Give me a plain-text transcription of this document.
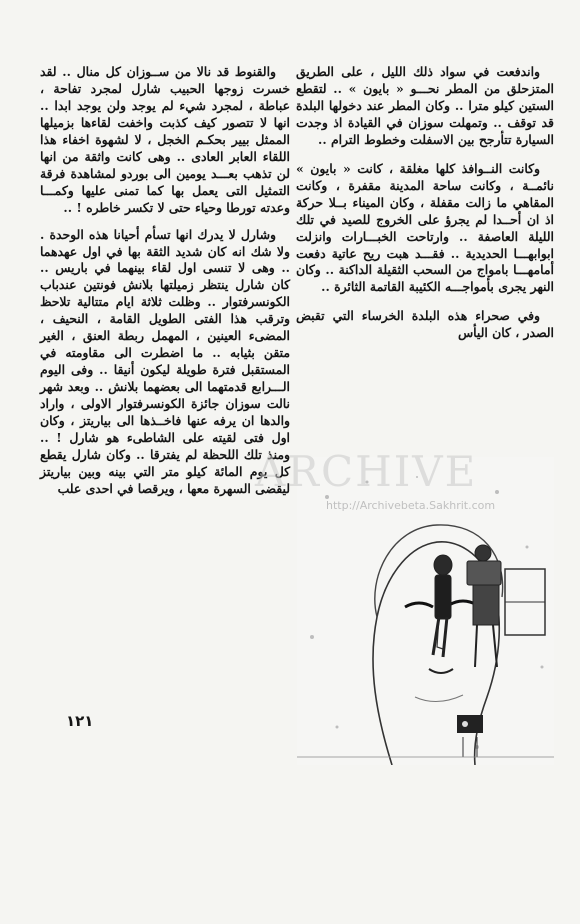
واندفعت في سواد ذلك الليل ، على الطريق المتزحلق من المطر نحـــو « بايون » .. لتقطع الستين كيلو مترا .. وكان المطر عند دخولها البلدة قد توقف .. وتمهلت سوزان في القيادة اذ وجدت السيارة تتأرجح بين الاسفلت وخطوط الترام ..

وكانت النــوافذ كلها مغلقة ، كانت « بايون » نائمــة ، وكانت ساحة المدينة مقفرة ، وكانت المقاهي ما زالت مقفلة ، وكان الميناء بــلا حركة اذ ان أحــدا لم يجرؤ على الخروج للصيد في تلك الليلة العاصفة .. وارتاحت الخبـــارات وانزلت ابوابهـــا الحديدية .. فقـــد هبت ريح عاتية دفعت أمامهـــا بامواج من السحب الثقيلة الداكنة .. وكان النهر يجرى بأمواجـــه الكئيبة القاتمة الثائرة ..

وفي صحراء هذه البلدة الخرساء التي تقبض الصدر ، كان اليأس

والقنوط قد نالا من ســوزان كل منال .. لقد خسرت زوجها الحبيب شارل لمجرد تفاحة ، عباطة ، لمجرد شيء لم يوجد ولن يوجد ابدا .. انها لا تتصور كيف كذبت واخفت لقاءها بزميلها الممثل بيير بحكـم الخجل ، لا لشهوة اخفاء هذا اللقاء العابر العادى .. وهى كانت واثقة من انها لن تذهب بعـــد يومين الى بوردو لمشاهدة فرقة التمثيل التى يعمل بها كما تمنى عليها وكمـــا وعدته تورطا وحياء حتى لا تكسر خاطره ! ..

وشارل لا يدرك انها تسأم أحيانا هذه الوحدة . ولا شك انه كان شديد الثقة بها في اول عهدهما .. وهى لا تنسى اول لقاء بينهما في باريس .. كان شارل ينتظر زميلتها بلانش فونتين عندباب الكونسرفتوار .. وظلت ثلاثة ايام متتالية تلاحظ وترقب هذا الفتى الطويل القامة ، النحيف ، المضىء العينين ، المهمل ربطة العنق ، الغير متقن بثيابه .. ما اضطرت الى مقاومته في المستقبل فترة طويلة ليكون أنيقا .. وفى اليوم الـــرابع قدمتهما الى بعضهما بلانش .. وبعد شهر نالت سوزان جائزة الكونسرفتوار الاولى ، واراد والدها ان يرفه عنها فاخــذها الى بياريتز ، وكان اول فتى لقيته على الشاطىء هو شارل ! .. ومنذ تلك اللحظة لم يفترقا .. وكان شارل يقطع كل يوم المائة كيلو متر التي بينه وبين بياريتز ليقضى السهرة معها ، ويرقصا في احدى علب

١٢١
ARCHIVE
http://Archivebeta.Sakhrit.com
